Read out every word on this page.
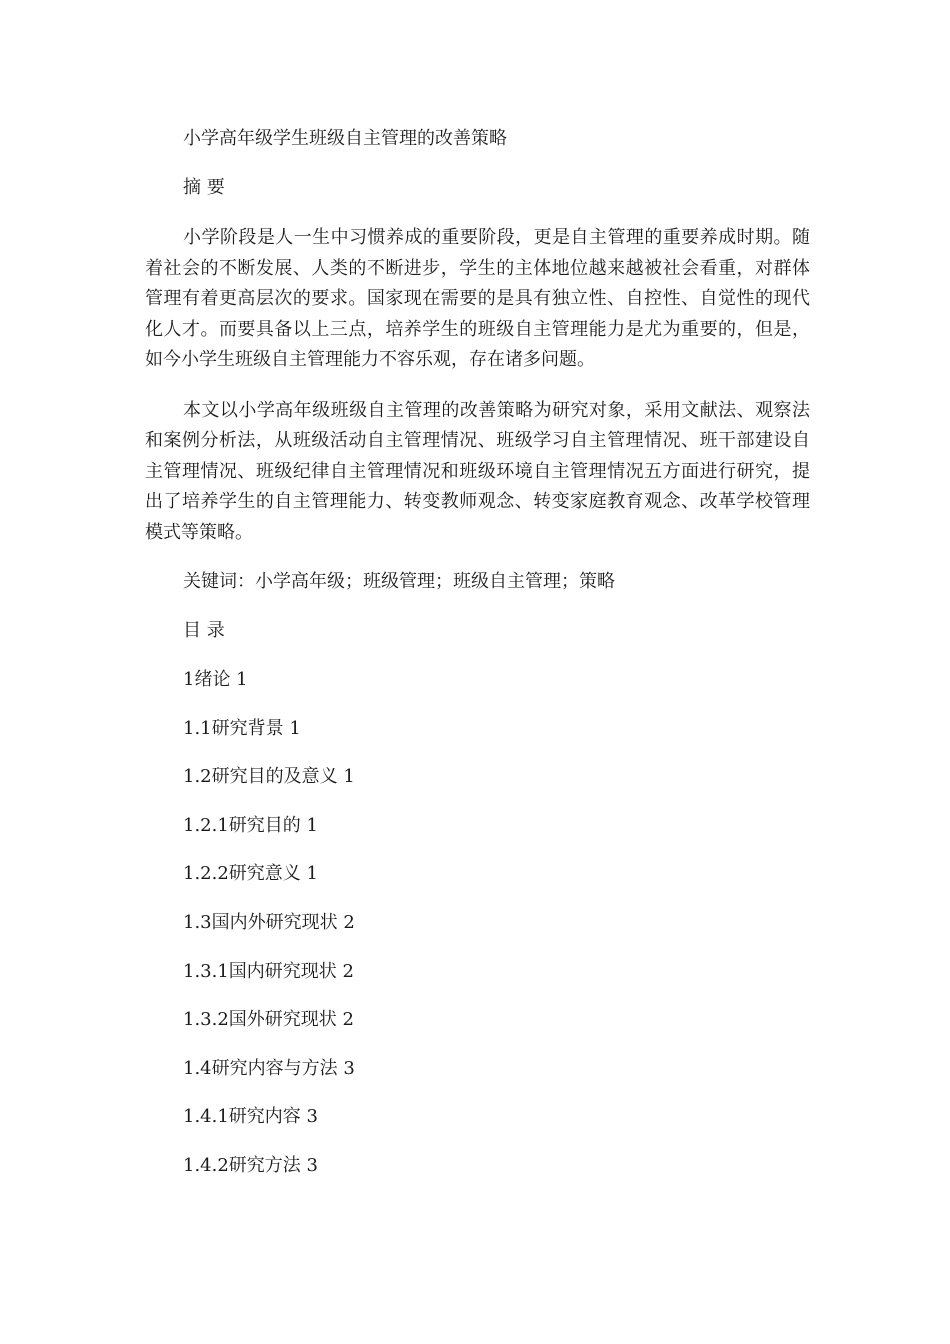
小学高年级学生班级自主管理的改善策略

摘 要

小学阶段是人一生中习惯养成的重要阶段，更是自主管理的重要养成时期。随着社会的不断发展、人类的不断进步，学生的主体地位越来越被社会看重，对群体管理有着更高层次的要求。国家现在需要的是具有独立性、自控性、自觉性的现代化人才。而要具备以上三点，培养学生的班级自主管理能力是尤为重要的，但是，如今小学生班级自主管理能力不容乐观，存在诸多问题。

本文以小学高年级班级自主管理的改善策略为研究对象，采用文献法、观察法和案例分析法，从班级活动自主管理情况、班级学习自主管理情况、班干部建设自主管理情况、班级纪律自主管理情况和班级环境自主管理情况五方面进行研究，提出了培养学生的自主管理能力、转变教师观念、转变家庭教育观念、改革学校管理模式等策略。

关键词：小学高年级；班级管理；班级自主管理；策略

目 录

1绪论 1

1.1研究背景 1

1.2研究目的及意义 1

1.2.1研究目的 1

1.2.2研究意义 1

1.3国内外研究现状 2

1.3.1国内研究现状 2

1.3.2国外研究现状 2

1.4研究内容与方法 3

1.4.1研究内容 3

1.4.2研究方法 3
